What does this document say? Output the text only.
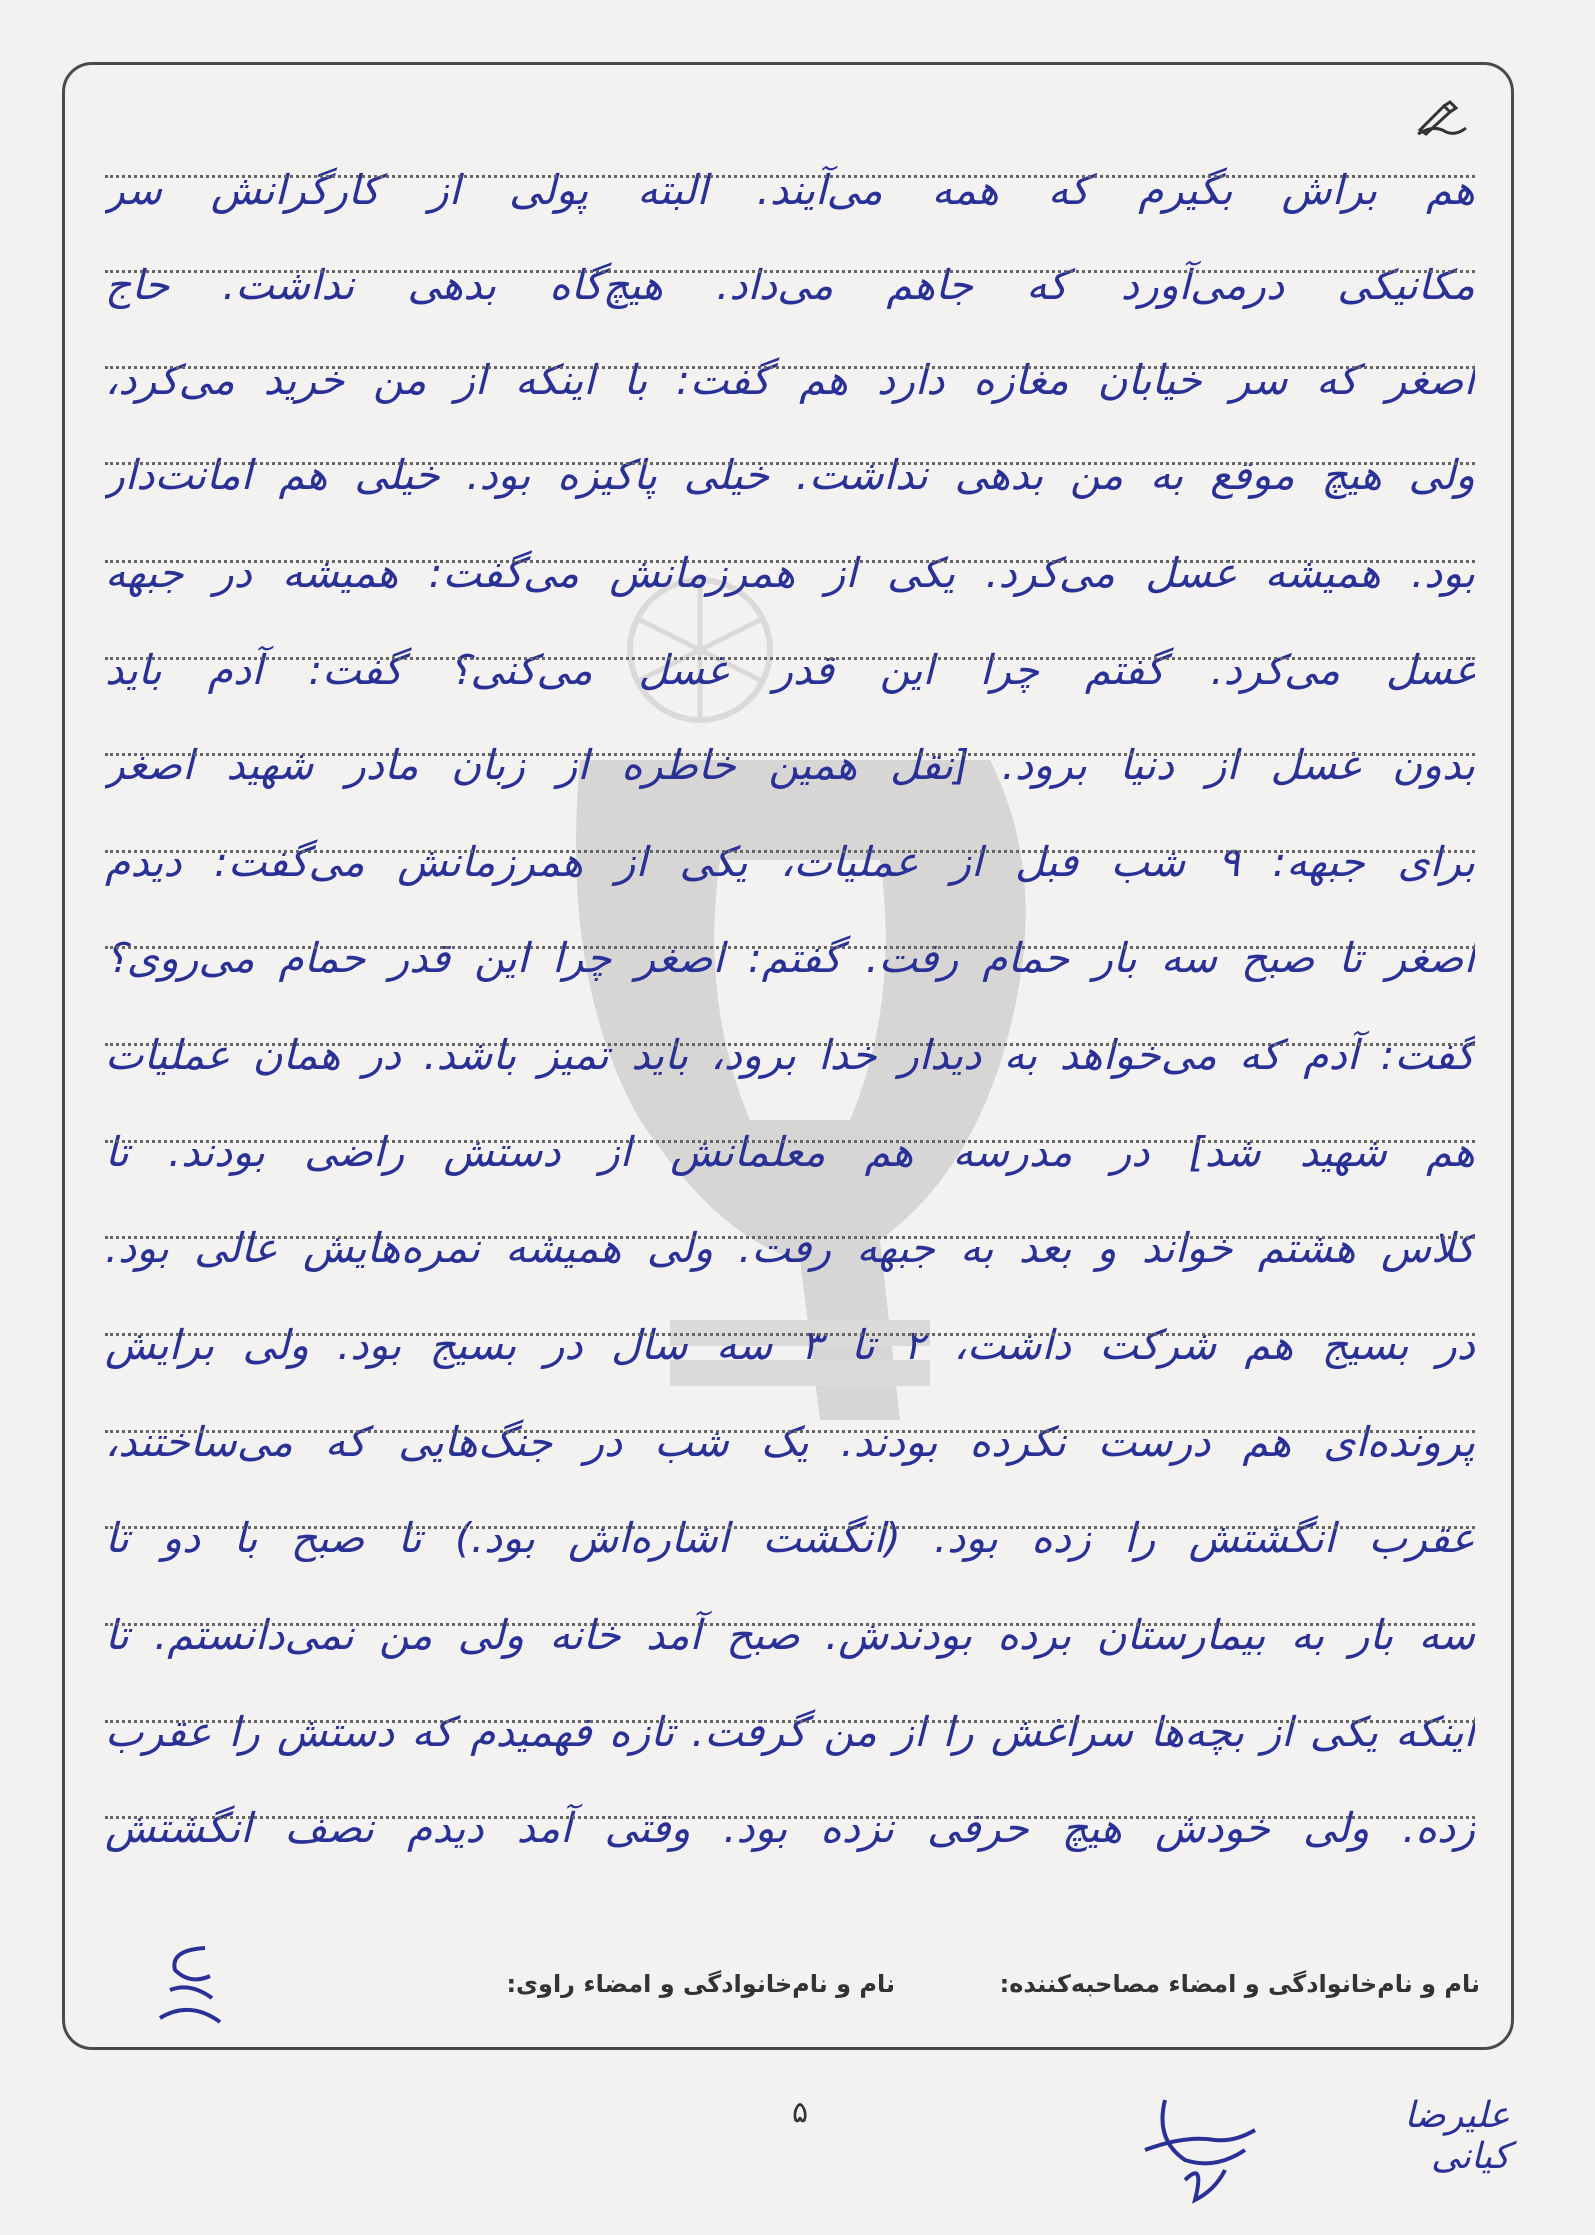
هم براش بگیرم که همه می‌آیند. البته پولی از کارگرانش سر
مکانیکی درمی‌آورد که جاهم می‌داد. هیچ‌گاه بدهی نداشت. حاج
اصغر که سر خیابان مغازه دارد هم گفت: با اینکه از من خرید می‌کرد،
ولی هیچ موقع به من بدهی نداشت. خیلی پاکیزه بود. خیلی هم امانت‌دار
بود. همیشه غسل می‌کرد. یکی از همرزمانش می‌گفت: همیشه در جبهه
غسل می‌کرد. گفتم چرا این قدر غسل می‌کنی؟ گفت: آدم باید
بدون غسل از دنیا برود. [نقل همین خاطره از زبان مادر شهید اصغر
برای جبهه: ۹ شب قبل از عملیات، یکی از همرزمانش می‌گفت: دیدم
اصغر تا صبح سه بار حمام رفت. گفتم: اصغر چرا این قدر حمام می‌روی؟
گفت: آدم که می‌خواهد به دیدار خدا برود، باید تمیز باشد. در همان عملیات
هم شهید شد] در مدرسه هم معلمانش از دستش راضی بودند. تا
کلاس هشتم خواند و بعد به جبهه رفت. ولی همیشه نمره‌هایش عالی بود.
در بسیج هم شرکت داشت، ۲ تا ۳ سه سال در بسیج بود. ولی برایش
پرونده‌ای هم درست نکرده بودند. یک شب در جنگ‌هایی که می‌ساختند،
عقرب انگشتش را زده بود. (انگشت اشاره‌اش بود.) تا صبح با دو تا
سه بار به بیمارستان برده بودندش. صبح آمد خانه ولی من نمی‌دانستم. تا
اینکه یکی از بچه‌ها سراغش را از من گرفت. تازه فهمیدم که دستش را عقرب
زده. ولی خودش هیچ حرفی نزده بود. وقتی آمد دیدم نصف انگشتش
نام و نام‌خانوادگی و امضاء مصاحبه‌کننده:
نام و نام‌خانوادگی و امضاء راوی:
علیرضا کیانی
۵
